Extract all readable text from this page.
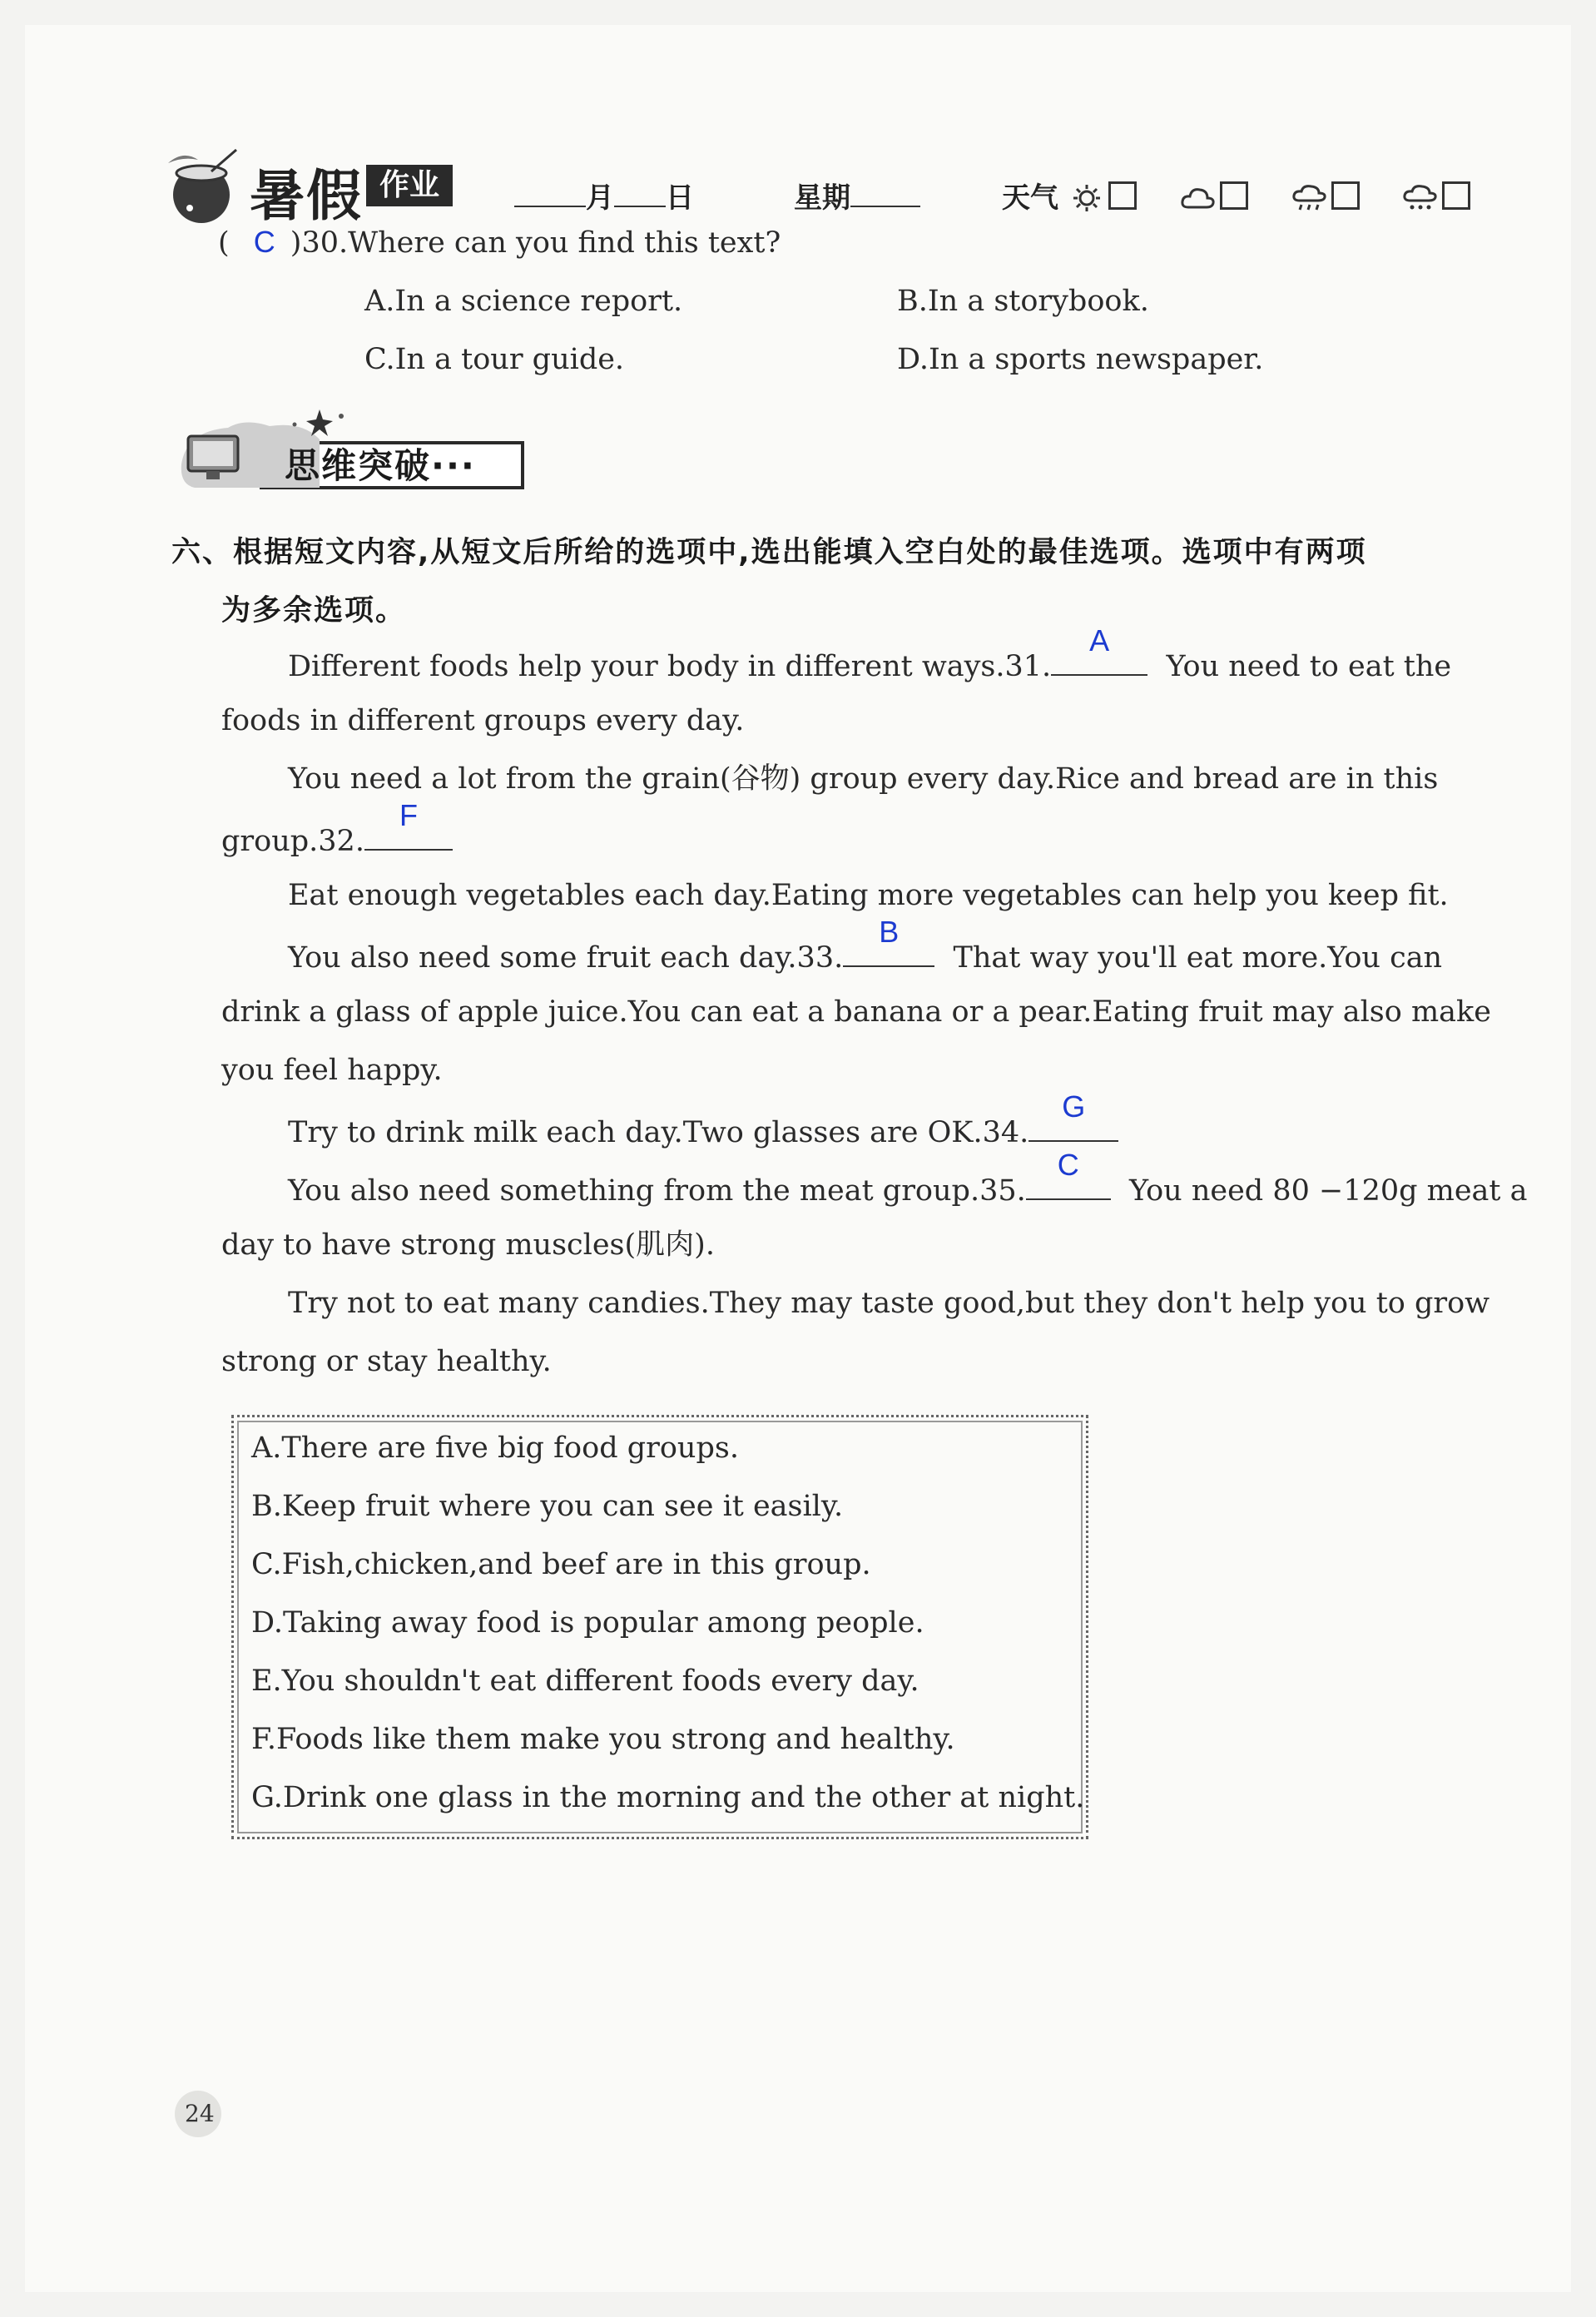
暑假 作业	月 日	星期	天气
( C )30.Where can you find this text?
A.In a science report.	B.In a storybook.
C.In a tour guide.	D.In a sports newspaper.
思维突破···
六、根据短文内容,从短文后所给的选项中,选出能填入空白处的最佳选项。选项中有两项
为多余选项。
Different foods help your body in different ways.31.
A
You need to eat the
foods in different groups every day.
You need a lot from the grain(谷物) group every day.Rice and bread are in this
group.32.
F
Eat enough vegetables each day.Eating more vegetables can help you keep fit.
You also need some fruit each day.33.
B
That way you'll eat more.You can
drink a glass of apple juice.You can eat a banana or a pear.Eating fruit may also make
you feel happy.
Try to drink milk each day.Two glasses are OK.34.
G
You also need something from the meat group.35.
C
You need 80 −120g meat a
day to have strong muscles(肌肉).
Try not to eat many candies.They may taste good,but they don't help you to grow
strong or stay healthy.
A.There are five big food groups.
B.Keep fruit where you can see it easily.
C.Fish,chicken,and beef are in this group.
D.Taking away food is popular among people.
E.You shouldn't eat different foods every day.
F.Foods like them make you strong and healthy.
G.Drink one glass in the morning and the other at night.
24
